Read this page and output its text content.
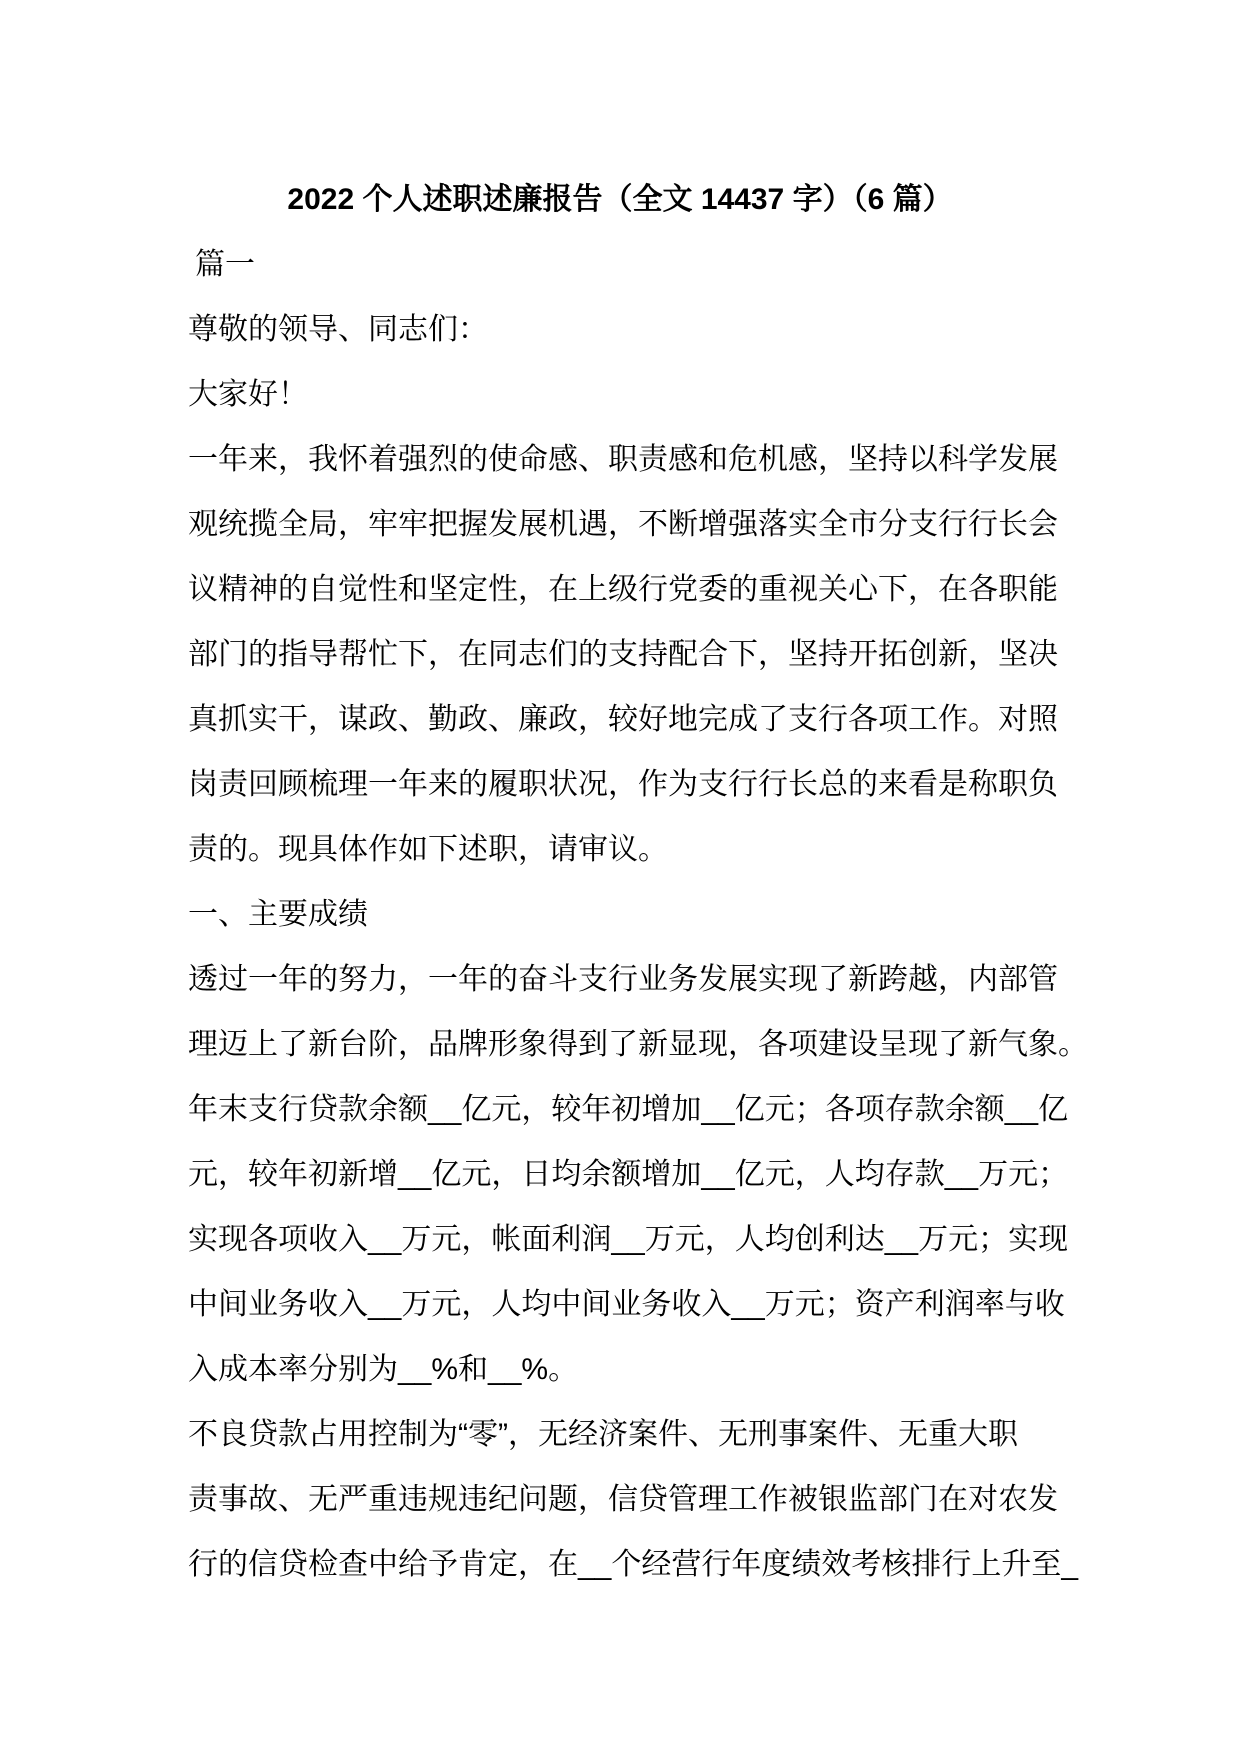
2022 个人述职述廉报告（全文 14437 字）（6 篇）
篇一
尊敬的领导、同志们：
大家好！
一年来，我怀着强烈的使命感、职责感和危机感，坚持以科学发展
观统揽全局，牢牢把握发展机遇，不断增强落实全市分支行行长会
议精神的自觉性和坚定性，在上级行党委的重视关心下，在各职能
部门的指导帮忙下，在同志们的支持配合下，坚持开拓创新，坚决
真抓实干，谋政、勤政、廉政，较好地完成了支行各项工作。对照
岗责回顾梳理一年来的履职状况，作为支行行长总的来看是称职负
责的。现具体作如下述职，请审议。
一、主要成绩
透过一年的努力，一年的奋斗支行业务发展实现了新跨越，内部管
理迈上了新台阶，品牌形象得到了新显现，各项建设呈现了新气象。
年末支行贷款余额__亿元，较年初增加__亿元；各项存款余额__亿
元，较年初新增__亿元，日均余额增加__亿元，人均存款__万元；
实现各项收入__万元，帐面利润__万元，人均创利达__万元；实现
中间业务收入__万元，人均中间业务收入__万元；资产利润率与收
入成本率分别为__%和__%。
不良贷款占用控制为“零”，无经济案件、无刑事案件、无重大职
责事故、无严重违规违纪问题，信贷管理工作被银监部门在对农发
行的信贷检查中给予肯定，在__个经营行年度绩效考核排行上升至_
